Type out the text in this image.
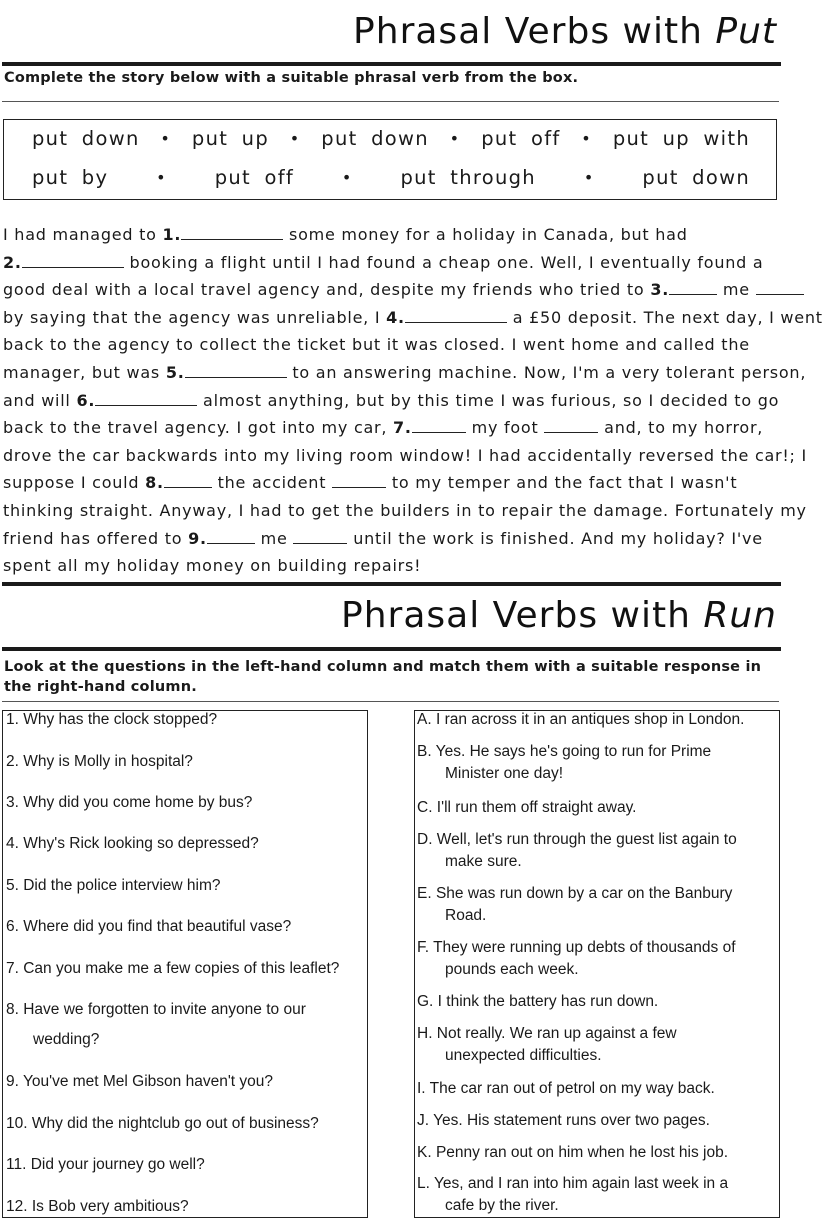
Phrasal Verbs with Put
Complete the story below with a suitable phrasal verb from the box.
put down • put up • put down • put off • put up with
put by	• put off	• put through	• put down

I had managed to 1.	some money for a holiday in Canada, but had

2.	booking a flight until I had found a cheap one. Well, I eventually found a

good deal with a local travel agency and, despite my friends who tried to 3.	me

by saying that the agency was unreliable, I 4.	a £50 deposit. The next day, I went

back to the agency to collect the ticket but it was closed. I went home and called the

manager, but was 5.	to an answering machine. Now, I'm a very tolerant person,

and will 6.	almost anything, but by this time I was furious, so I decided to go

back to the travel agency. I got into my car, 7.	my foot	and, to my horror,

drove the car backwards into my living room window! I had accidentally reversed the car!; I

suppose I could 8.	the accident	to my temper and the fact that I wasn't

thinking straight. Anyway, I had to get the builders in to repair the damage. Fortunately my

friend has offered to 9.	me	until the work is finished. And my holiday? I've

spent all my holiday money on building repairs!

Phrasal Verbs with Run
Look at the questions in the left-hand column and match them with a suitable response in the right-hand column.
1. Why has the clock stopped?
2. Why is Molly in hospital?
3. Why did you come home by bus?
4. Why's Rick looking so depressed?
5. Did the police interview him?
6. Where did you find that beautiful vase?
7. Can you make me a few copies of this leaflet?
8. Have we forgotten to invite anyone to our
wedding?
9. You've met Mel Gibson haven't you?
10. Why did the nightclub go out of business?
11. Did your journey go well?
12. Is Bob very ambitious?
A. I ran across it in an antiques shop in London.
B. Yes. He says he's going to run for Prime
Minister one day!
C. I'll run them off straight away.
D. Well, let's run through the guest list again to
make sure.
E. She was run down by a car on the Banbury
Road.
F. They were running up debts of thousands of
pounds each week.
G. I think the battery has run down.
H. Not really. We ran up against a few
unexpected difficulties.
I. The car ran out of petrol on my way back.
J. Yes. His statement runs over two pages.
K. Penny ran out on him when he lost his job.
L. Yes, and I ran into him again last week in a
cafe by the river.
